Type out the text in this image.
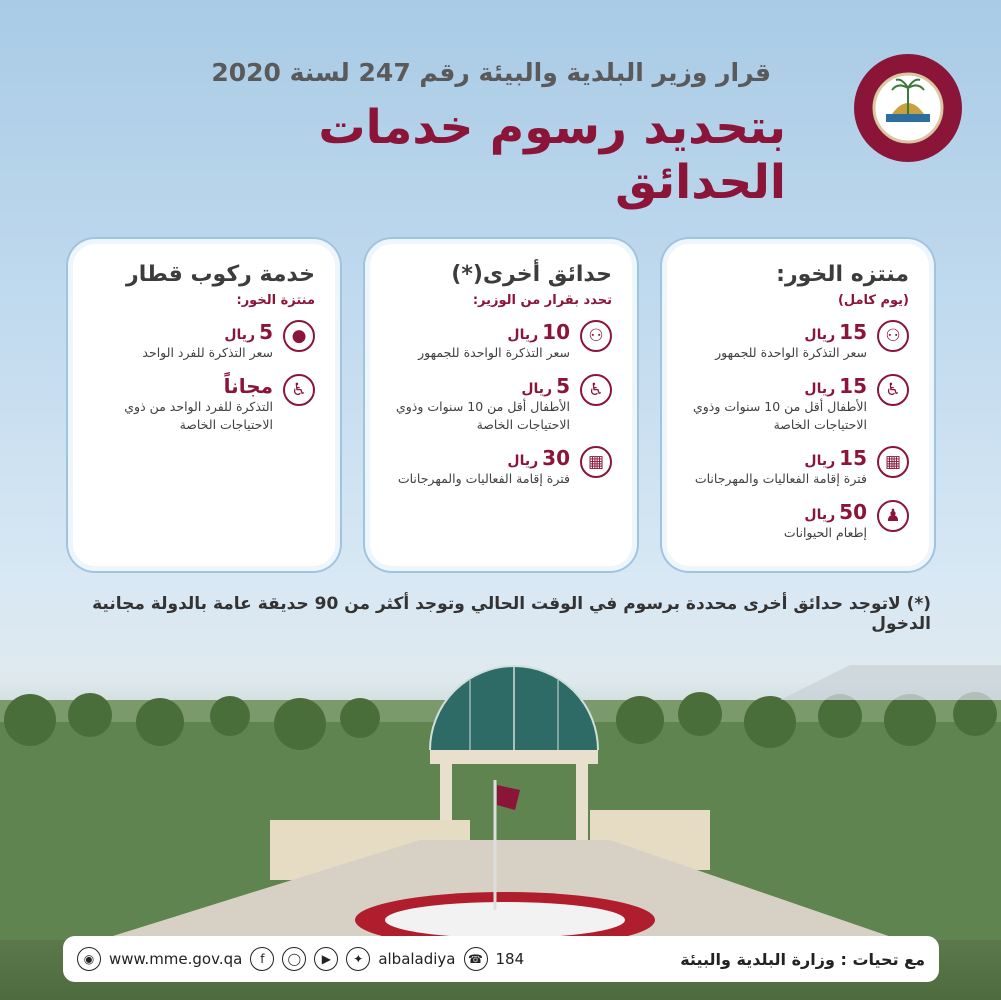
قرار وزير البلدية والبيئة رقم 247 لسنة 2020
بتحديد رسوم خدمات الحدائق
منتزه الخور:
(يوم كامل)
⚇
15ريال
سعر التذكرة الواحدة للجمهور
♿
15ريال
الأطفال أقل من 10 سنوات وذوي الاحتياجات الخاصة
▦
15ريال
فترة إقامة الفعاليات والمهرجانات
♟
50ريال
إطعام الحيوانات
حدائق أخرى(*)
تحدد بقرار من الوزير:
⚇
10ريال
سعر التذكرة الواحدة للجمهور
♿
5ريال
الأطفال أقل من 10 سنوات وذوي الاحتياجات الخاصة
▦
30ريال
فترة إقامة الفعاليات والمهرجانات
خدمة ركوب قطار
منتزة الخور:
●
5ريال
سعر التذكرة للفرد الواحد
♿
مجاناً
التذكرة للفرد الواحد من ذوي الاحتياجات الخاصة
(*) لاتوجد حدائق أخرى محددة برسوم في الوقت الحالي وتوجد أكثر من 90 حديقة عامة بالدولة مجانية الدخول
◉ www.mme.gov.qa	f	◯	▶	✦ albaladiya	☎ 184	مع تحيات : وزارة البلدية والبيئة
